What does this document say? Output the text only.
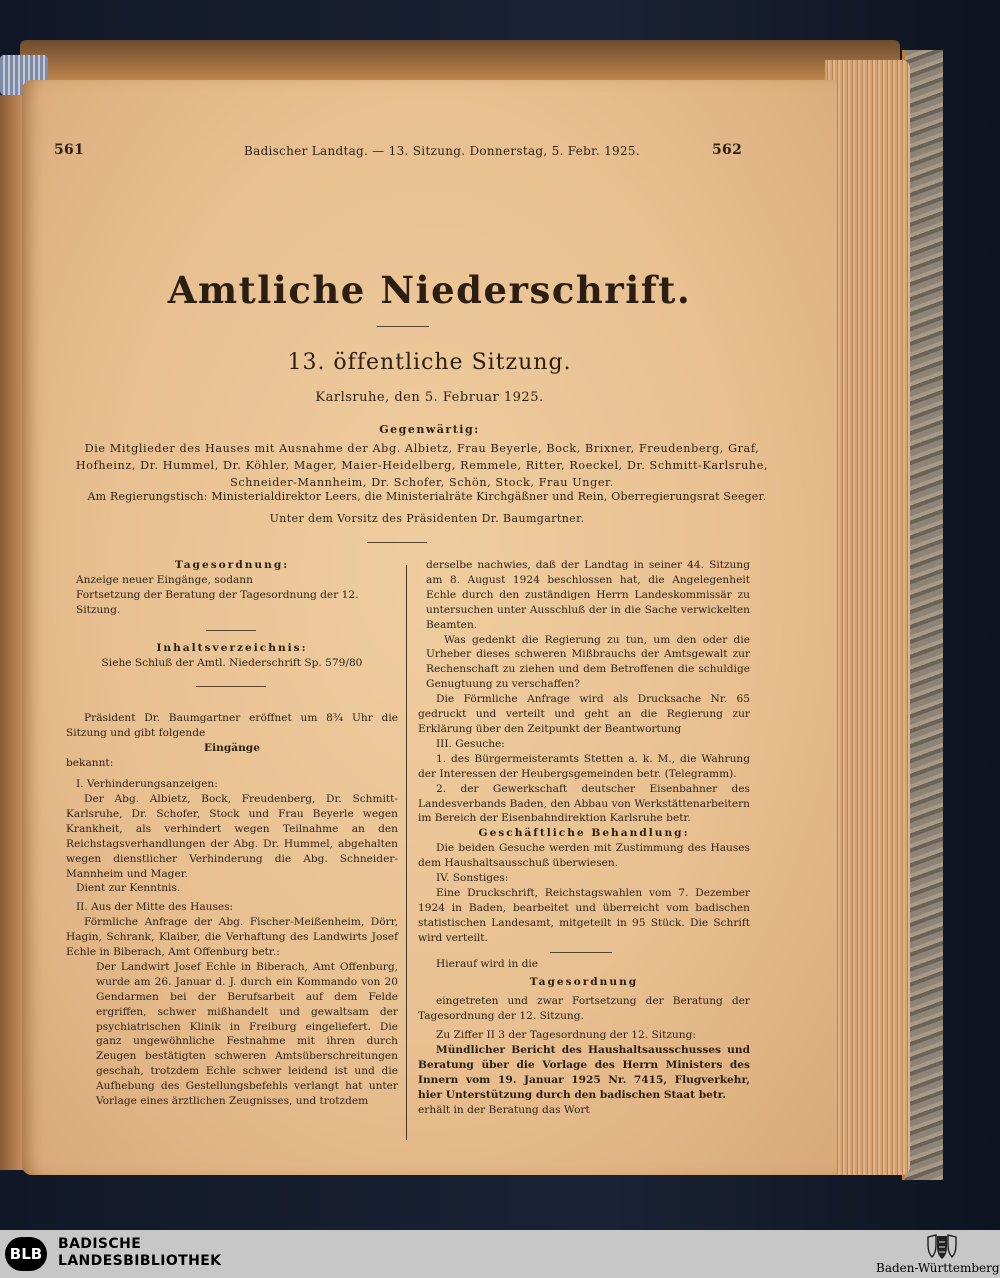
561	Badischer Landtag. — 13. Sitzung. Donnerstag, 5. Febr. 1925.	562
Amtliche Niederschrift.
13. öffentliche Sitzung.
Karlsruhe, den 5. Februar 1925.
Gegenwärtig:
Die Mitglieder des Hauses mit Ausnahme der Abg. Albietz, Frau Beyerle, Bock, Brixner, Freudenberg, Graf, Hofheinz, Dr. Hummel, Dr. Köhler, Mager, Maier-Heidelberg, Remmele, Ritter, Roeckel, Dr. Schmitt-Karlsruhe, Schneider-Mannheim, Dr. Schofer, Schön, Stock, Frau Unger.
Am Regierungstisch: Ministerialdirektor Leers, die Ministerialräte Kirchgäßner und Rein, Oberregierungsrat Seeger.
Unter dem Vorsitz des Präsidenten Dr. Baumgartner.

Tagesordnung:

Anzeige neuer Eingänge, sodann

Fortsetzung der Beratung der Tagesordnung der 12. Sitzung.

Inhaltsverzeichnis:

Siehe Schluß der Amtl. Niederschrift Sp. 579/80

Präsident Dr. Baumgartner eröffnet um 8¾ Uhr die Sitzung und gibt folgende

Eingänge

bekannt:

I. Verhinderungsanzeigen:

Der Abg. Albietz, Bock, Freudenberg, Dr. Schmitt-Karlsruhe, Dr. Schofer, Stock und Frau Beyerle wegen Krankheit, als verhindert wegen Teilnahme an den Reichstagsverhandlungen der Abg. Dr. Hummel, abgehalten wegen dienstlicher Verhinderung die Abg. Schneider-Mannheim und Mager.

Dient zur Kenntnis.

II. Aus der Mitte des Hauses:

Förmliche Anfrage der Abg. Fischer-Meißenheim, Dörr, Hagin, Schrank, Klaiber, die Verhaftung des Landwirts Josef Echle in Biberach, Amt Offenburg betr.:

Der Landwirt Josef Echle in Biberach, Amt Offenburg, wurde am 26. Januar d. J. durch ein Kommando von 20 Gendarmen bei der Berufsarbeit auf dem Felde ergriffen, schwer mißhandelt und gewaltsam der psychiatrischen Klinik in Freiburg eingeliefert. Die ganz ungewöhnliche Festnahme mit ihren durch Zeugen bestätigten schweren Amtsüberschreitungen geschah, trotzdem Echle schwer leidend ist und die Aufhebung des Gestellungsbefehls verlangt hat unter Vorlage eines ärztlichen Zeugnisses, und trotzdem

derselbe nachwies, daß der Landtag in seiner 44. Sitzung am 8. August 1924 beschlossen hat, die Angelegenheit Echle durch den zuständigen Herrn Landeskommissär zu untersuchen unter Ausschluß der in die Sache verwickelten Beamten.

Was gedenkt die Regierung zu tun, um den oder die Urheber dieses schweren Mißbrauchs der Amtsgewalt zur Rechenschaft zu ziehen und dem Betroffenen die schuldige Genugtuung zu verschaffen?

Die Förmliche Anfrage wird als Drucksache Nr. 65 gedruckt und verteilt und geht an die Regierung zur Erklärung über den Zeitpunkt der Beantwortung

III. Gesuche:

1. des Bürgermeisteramts Stetten a. k. M., die Wahrung der Interessen der Heubergsgemeinden betr. (Telegramm).

2. der Gewerkschaft deutscher Eisenbahner des Landesverbands Baden, den Abbau von Werkstättenarbeitern im Bereich der Eisenbahndirektion Karlsruhe betr.

Geschäftliche Behandlung:

Die beiden Gesuche werden mit Zustimmung des Hauses dem Haushaltsausschuß überwiesen.

IV. Sonstiges:

Eine Druckschrift, Reichstagswahlen vom 7. Dezember 1924 in Baden, bearbeitet und überreicht vom badischen statistischen Landesamt, mitgeteilt in 95 Stück. Die Schrift wird verteilt.

Hierauf wird in die

Tagesordnung

eingetreten und zwar Fortsetzung der Beratung der Tagesordnung der 12. Sitzung.

Zu Ziffer II 3 der Tagesordnung der 12. Sitzung:

Mündlicher Bericht des Haushaltsausschusses und Beratung über die Vorlage des Herrn Ministers des Innern vom 19. Januar 1925 Nr. 7415, Flugverkehr, hier Unterstützung durch den badischen Staat betr.

erhält in der Beratung das Wort

BLB
BADISCHE
LANDESBIBLIOTHEK	Baden-Württemberg
